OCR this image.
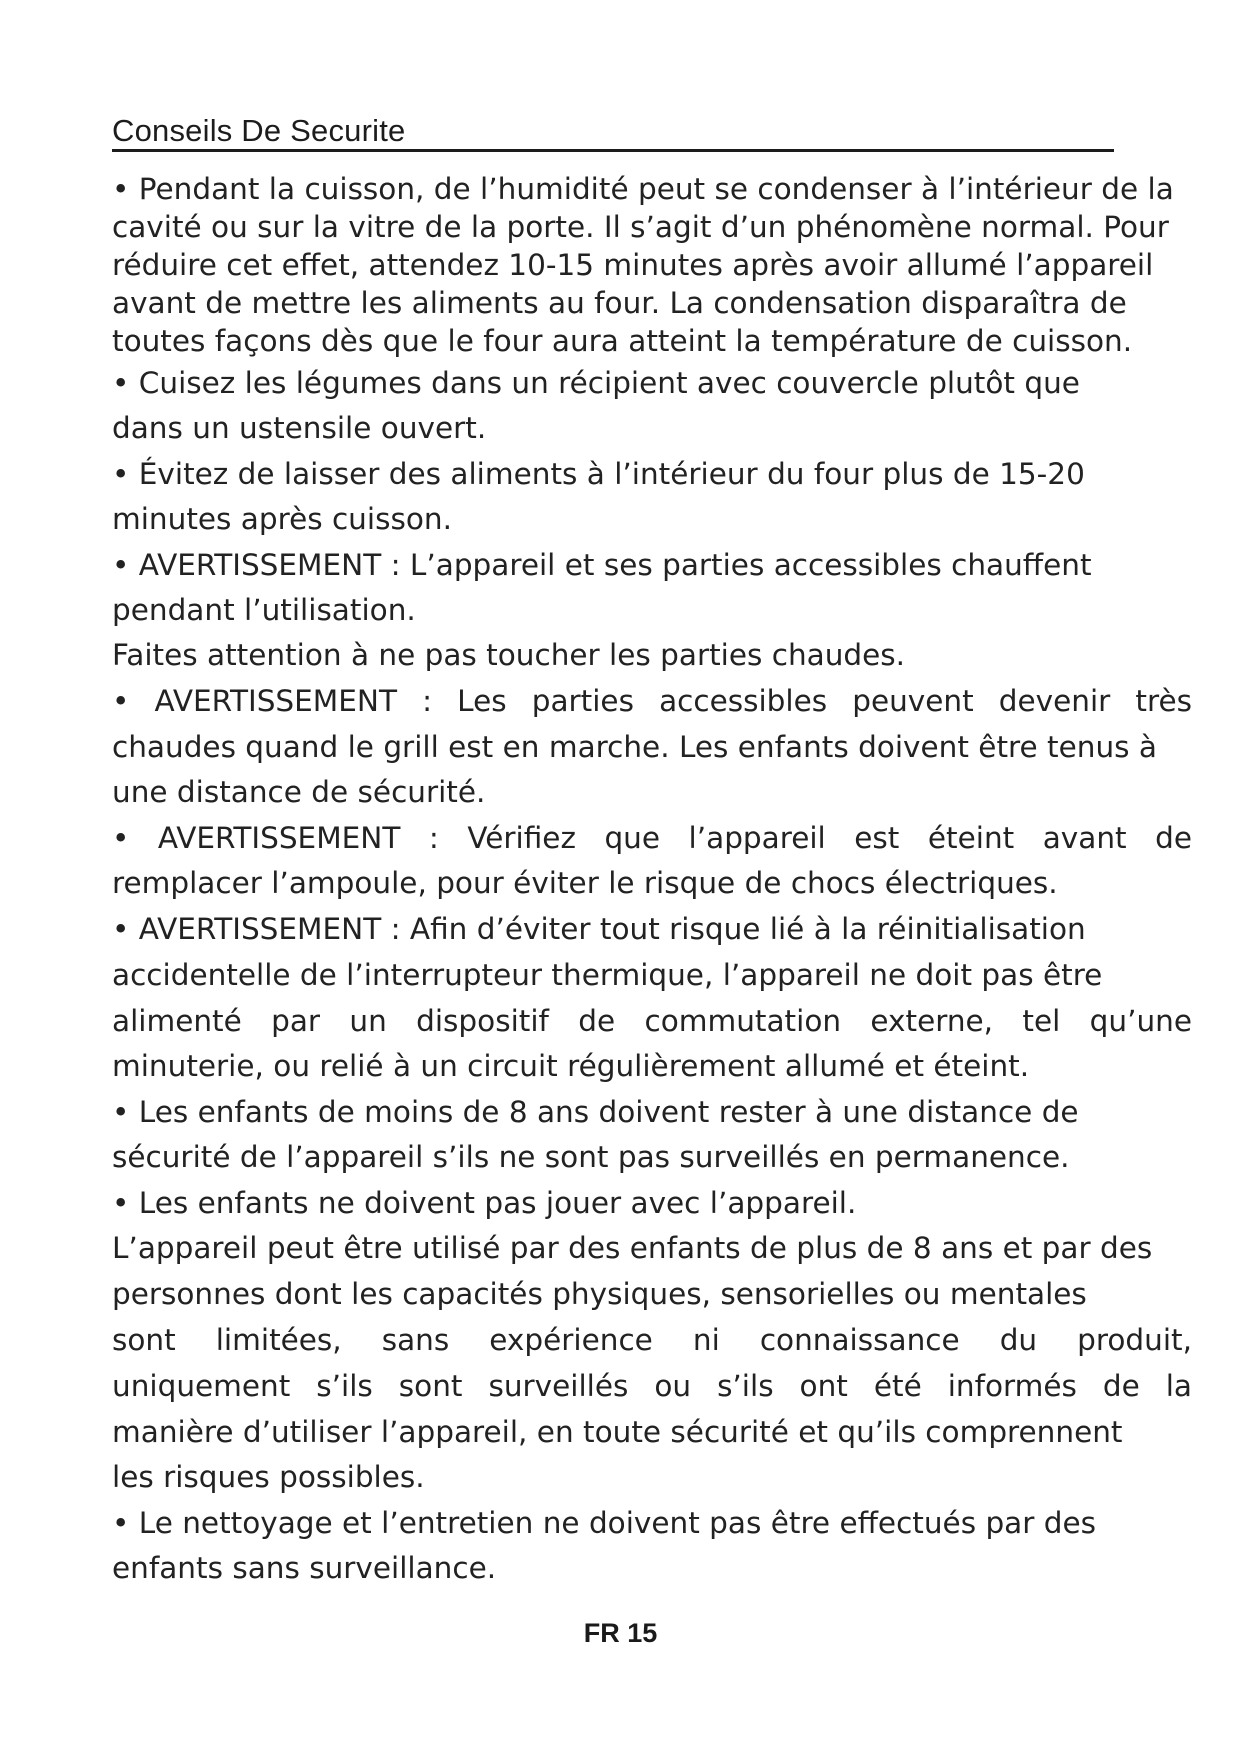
Conseils De Securite
• Pendant la cuisson, de l’humidité peut se condenser à l’intérieur de la
cavité ou sur la vitre de la porte. Il s’agit d’un phénomène normal. Pour
réduire cet effet, attendez 10-15 minutes après avoir allumé l’appareil
avant de mettre les aliments au four. La condensation disparaîtra de
toutes façons dès que le four aura atteint la température de cuisson.
• Cuisez les légumes dans un récipient avec couvercle plutôt que
dans un ustensile ouvert.
• Évitez de laisser des aliments à l’intérieur du four plus de 15-20
minutes après cuisson.
• AVERTISSEMENT : L’appareil et ses parties accessibles chauffent
pendant l’utilisation.
Faites attention à ne pas toucher les parties chaudes.
• AVERTISSEMENT : Les parties accessibles peuvent devenir très
chaudes quand le grill est en marche. Les enfants doivent être tenus à
une distance de sécurité.
• AVERTISSEMENT : Vérifiez que l’appareil est éteint avant de
remplacer l’ampoule, pour éviter le risque de chocs électriques.
• AVERTISSEMENT : Afin d’éviter tout risque lié à la réinitialisation
accidentelle de l’interrupteur thermique, l’appareil ne doit pas être
alimenté par un dispositif de commutation externe, tel qu’une
minuterie, ou relié à un circuit régulièrement allumé et éteint.
• Les enfants de moins de 8 ans doivent rester à une distance de
sécurité de l’appareil s’ils ne sont pas surveillés en permanence.
• Les enfants ne doivent pas jouer avec l’appareil.
L’appareil peut être utilisé par des enfants de plus de 8 ans et par des
personnes dont les capacités physiques, sensorielles ou mentales
sont limitées, sans expérience ni connaissance du produit,
uniquement s’ils sont surveillés ou s’ils ont été informés de la
manière d’utiliser l’appareil, en toute sécurité et qu’ils comprennent
les risques possibles.
• Le nettoyage et l’entretien ne doivent pas être effectués par des
enfants sans surveillance.
FR 15
